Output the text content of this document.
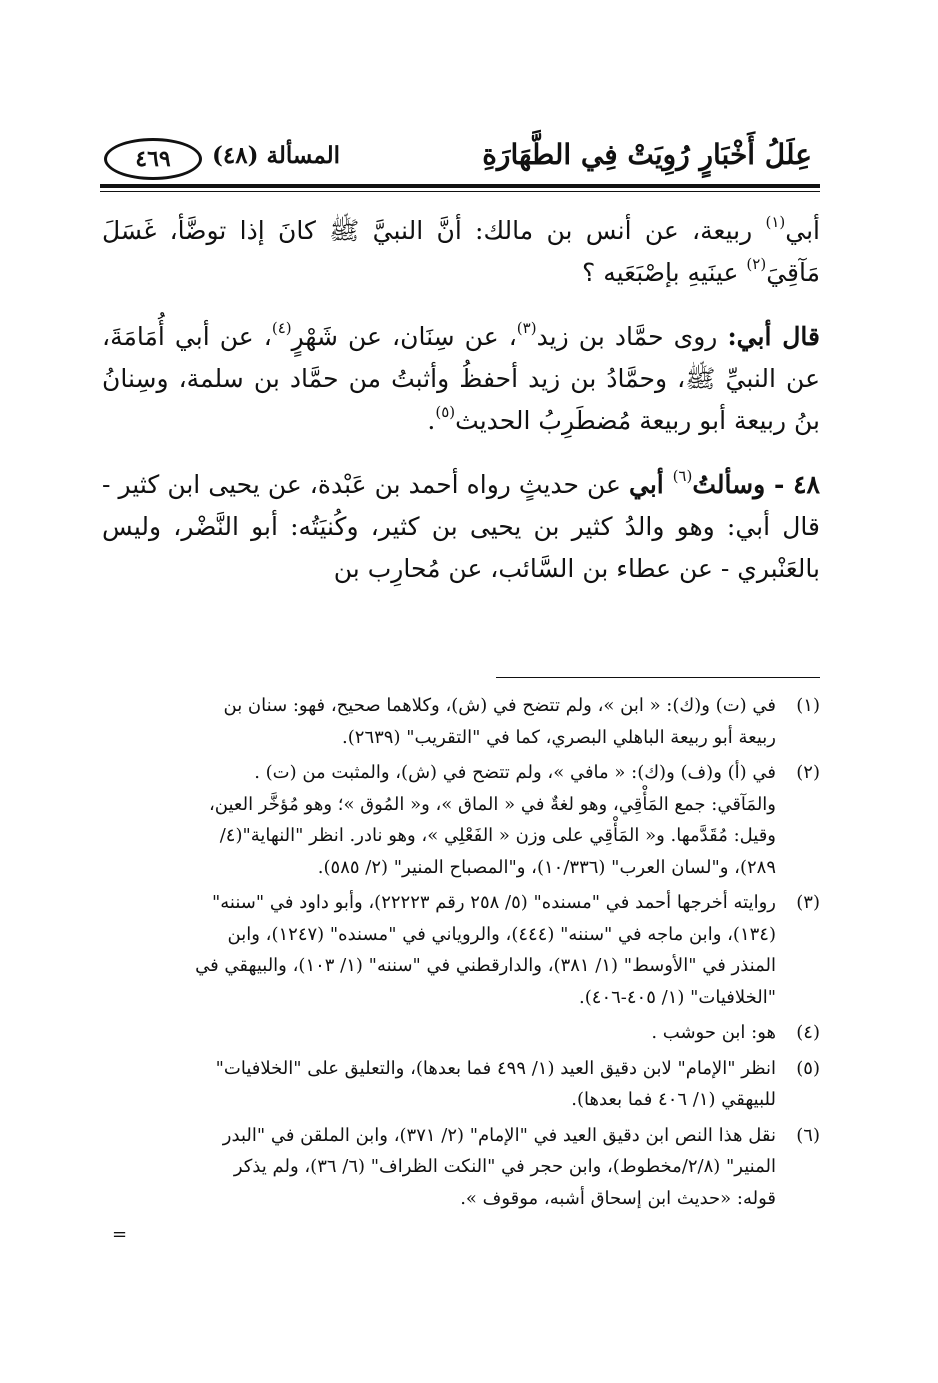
عِلَلُ أَخْبَارٍ رُوِيَتْ فِي الطَّهَارَةِ
المسألة (٤٨)
٤٦٩

أبي$^{(١)}$ ربيعة، عن أنس بن مالك: أنَّ النبيَّ ﷺ كانَ إذا توضَّأ، غَسَلَ مَآقِيَ$^{(٢)}$ عينَيهِ بإصْبَعَيه ؟

قال أبي: روى حمَّاد بن زيد$^{(٣)}$، عن سِنَان، عن شَهْرٍ$^{(٤)}$، عن أبي أُمَامَةَ، عن النبيِّ ﷺ، وحمَّادُ بن زيد أحفظُ وأثبتُ من حمَّاد بن سلمة، وسِنانُ بنُ ربيعة أبو ربيعة مُضطَرِبُ الحديث$^{(٥)}$.

٤٨ - وسألتُ$^{(٦)}$ أبي عن حديثٍ رواه أحمد بن عَبْدة، عن يحيى ابن كثير - قال أبي: وهو والدُ كثير بن يحيى بن كثير، وكُنيَتُه: أبو النَّضْر، وليس بالعَنْبري - عن عطاء بن السَّائب، عن مُحارِب بن

(١)
في (ت) و(ك): « ابن »، ولم تتضح في (ش)، وكلاهما صحيح، فهو: سنان بن
ربيعة أبو ربيعة الباهلي البصري، كما في "التقريب" (٢٦٣٩).
(٢)
في (أ) و(ف) و(ك): « مافي »، ولم تتضح في (ش)، والمثبت من (ت) .
والمَآقي: جمع المَأْقِي، وهو لغةٌ في « الماق »، و« المُوق »؛ وهو مُؤخَّر العين،
وقيل: مُقَدَّمها. و« المَأْقِي على وزن « الفَعْلِي »، وهو نادر. انظر "النهاية"(٤/
٢٨٩)، و"لسان العرب" (١٠/٣٣٦)، و"المصباح المنير" (٢/ ٥٨٥).
(٣)
روايته أخرجها أحمد في "مسنده" (٥/ ٢٥٨ رقم ٢٢٢٢٣)، وأبو داود في "سننه"
(١٣٤)، وابن ماجه في "سننه" (٤٤٤)، والروياني في "مسنده" (١٢٤٧)، وابن
المنذر في "الأوسط" (١/ ٣٨١)، والدارقطني في "سننه" (١/ ١٠٣)، والبيهقي في
"الخلافيات" (١/ ٤٠٥-٤٠٦).
(٤)
هو: ابن حوشب .
(٥)
انظر "الإمام" لابن دقيق العيد (١/ ٤٩٩ فما بعدها)، والتعليق على "الخلافيات"
للبيهقي (١/ ٤٠٦ فما بعدها).
(٦)
نقل هذا النص ابن دقيق العيد في "الإمام" (٢/ ٣٧١)، وابن الملقن في "البدر
المنير" (٢/٨/مخطوط)، وابن حجر في "النكت الظراف" (٦/ ٣٦)، ولم يذكر
قوله: «حديث ابن إسحاق أشبه، موقوف ».
=
